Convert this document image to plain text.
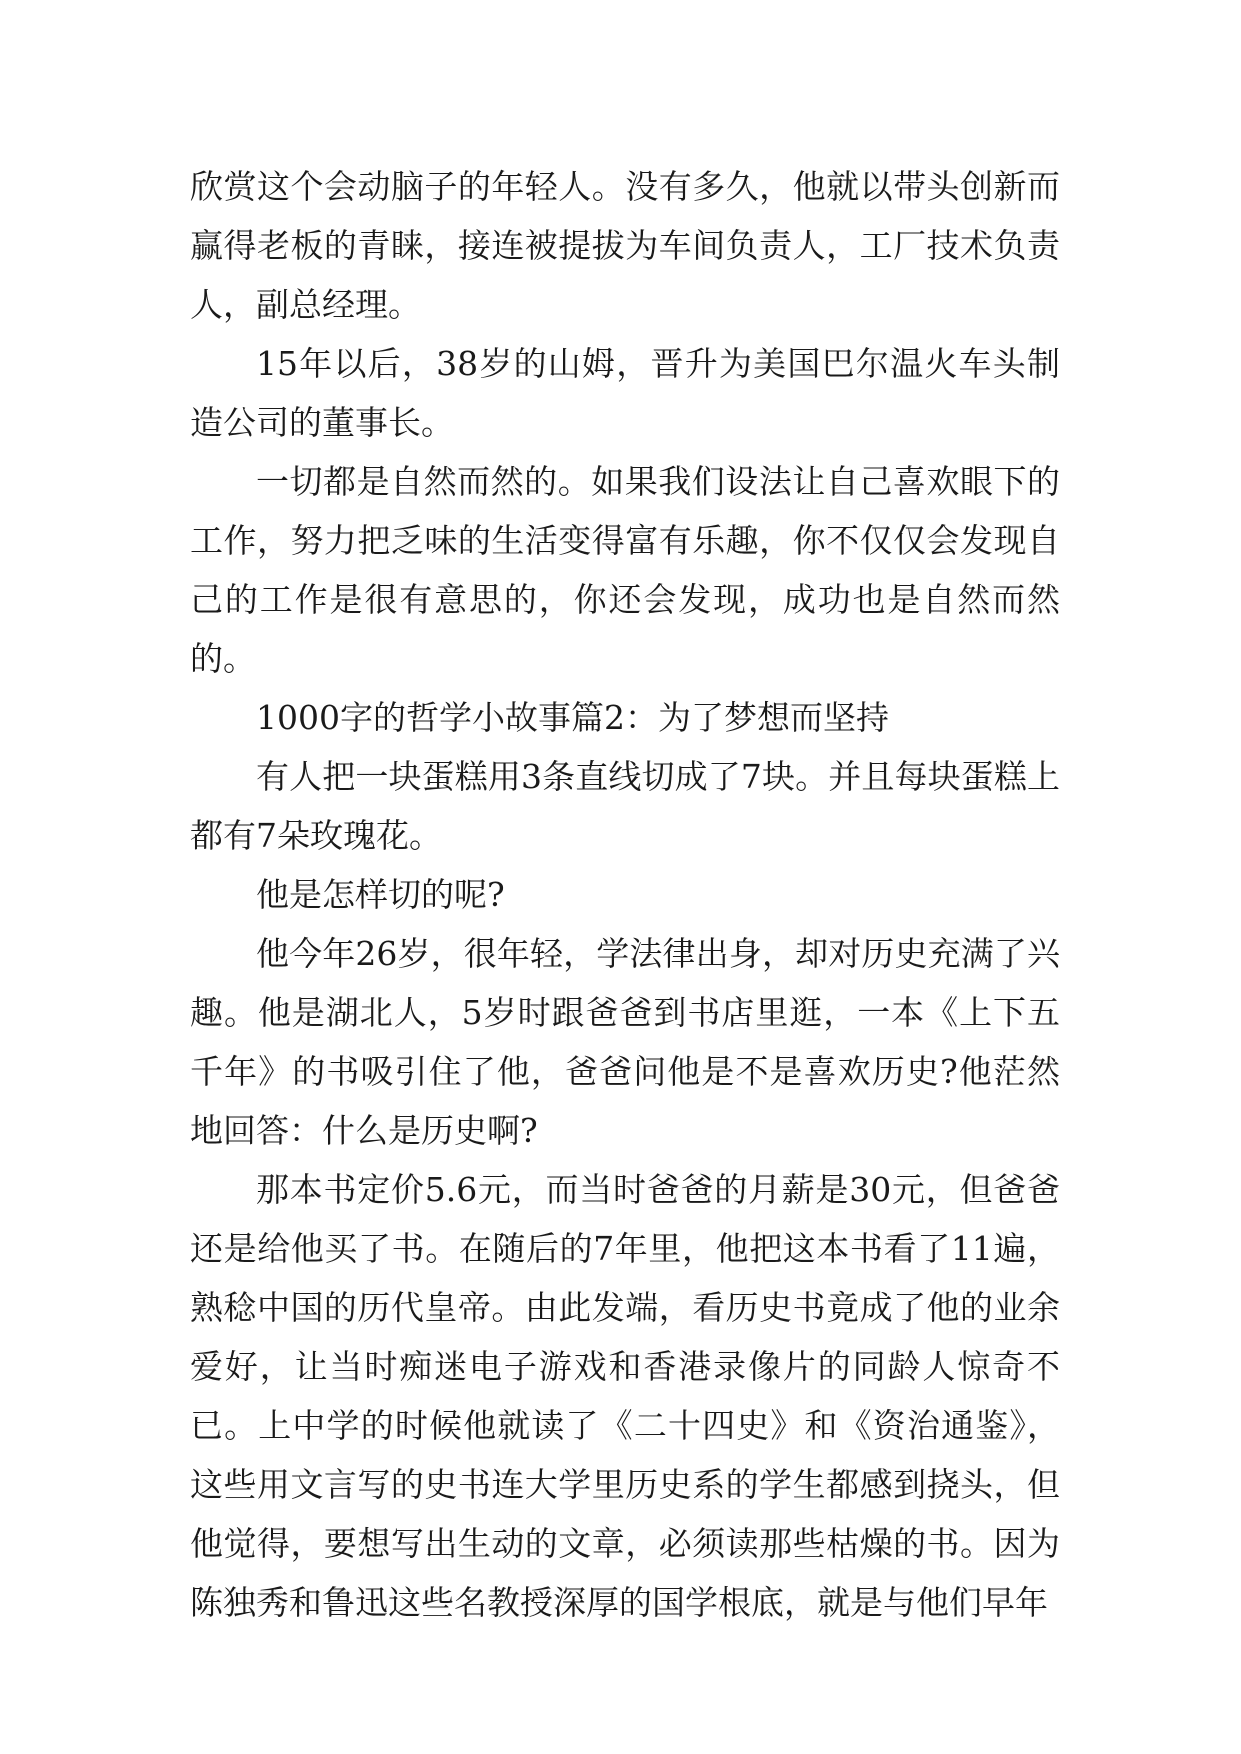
欣赏这个会动脑子的年轻人。没有多久，他就以带头创新而赢得老板的青睐，接连被提拔为车间负责人，工厂技术负责人，副总经理。

15年以后，38岁的山姆，晋升为美国巴尔温火车头制造公司的董事长。

一切都是自然而然的。如果我们设法让自己喜欢眼下的工作，努力把乏味的生活变得富有乐趣，你不仅仅会发现自己的工作是很有意思的，你还会发现，成功也是自然而然的。

1000字的哲学小故事篇2：为了梦想而坚持

有人把一块蛋糕用3条直线切成了7块。并且每块蛋糕上都有7朵玫瑰花。

他是怎样切的呢?

他今年26岁，很年轻，学法律出身，却对历史充满了兴趣。他是湖北人，5岁时跟爸爸到书店里逛，一本《上下五千年》的书吸引住了他，爸爸问他是不是喜欢历史?他茫然地回答：什么是历史啊?

那本书定价5.6元，而当时爸爸的月薪是30元，但爸爸还是给他买了书。在随后的7年里，他把这本书看了11遍，熟稔中国的历代皇帝。由此发端，看历史书竟成了他的业余爱好，让当时痴迷电子游戏和香港录像片的同龄人惊奇不已。上中学的时候他就读了《二十四史》和《资治通鉴》，这些用文言写的史书连大学里历史系的学生都感到挠头，但他觉得，要想写出生动的文章，必须读那些枯燥的书。因为陈独秀和鲁迅这些名教授深厚的国学根底，就是与他们早年
